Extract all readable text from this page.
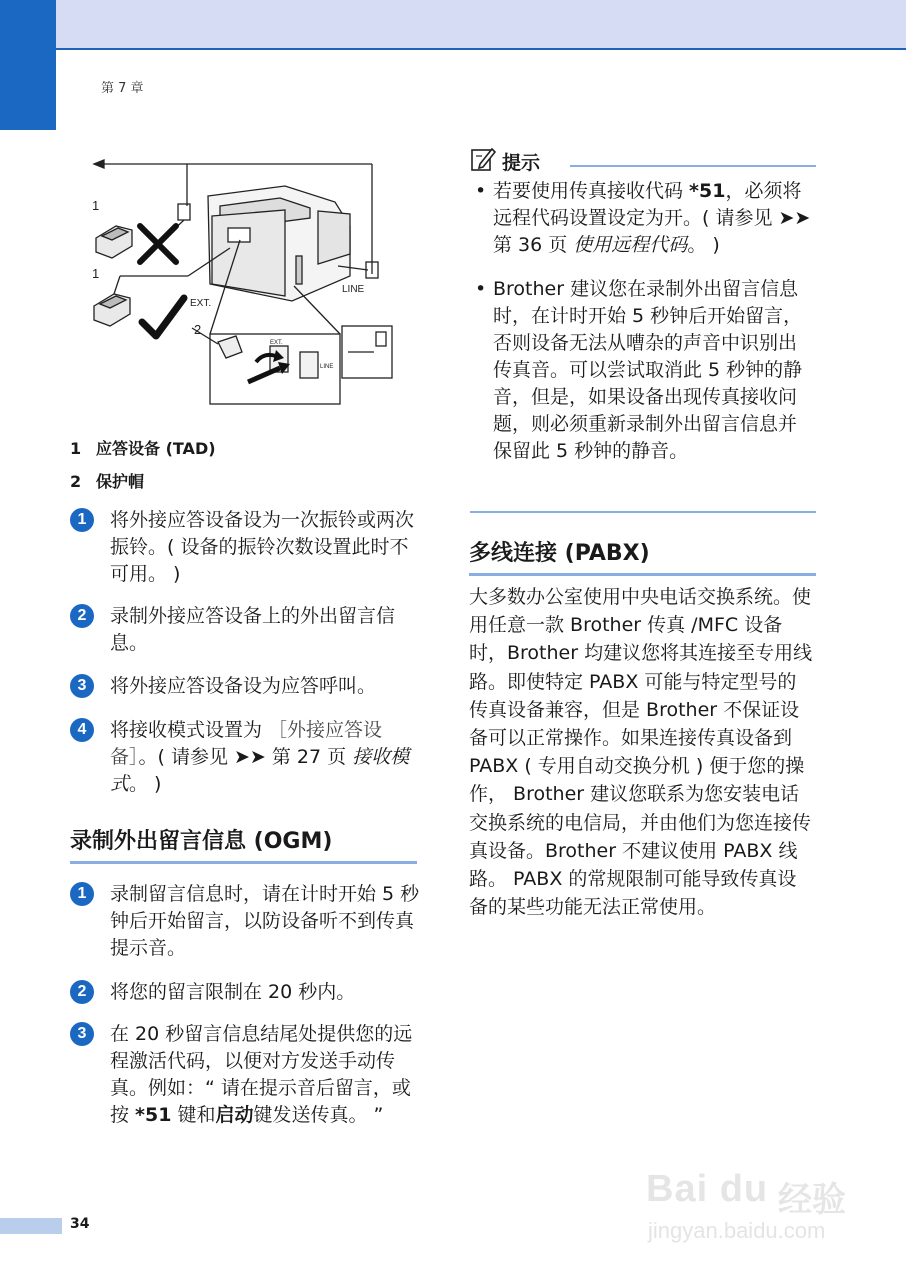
第 7 章
1
1
2
EXT.
LINE
EXT.
LINE
1 应答设备 (TAD)
2 保护帽
1	将外接应答设备设为一次振铃或两次振铃。( 设备的振铃次数设置此时不可用。 )
2	录制外接应答设备上的外出留言信息。
3	将外接应答设备设为应答呼叫。
4	将接收模式设置为 ［外接应答设备］。( 请参见 ➤➤ 第 27 页 接收模式。 )
录制外出留言信息 (OGM)
1	录制留言信息时，请在计时开始 5 秒钟后开始留言，以防设备听不到传真提示音。
2	将您的留言限制在 20 秒内。
3	在 20 秒留言信息结尾处提供您的远程激活代码，以便对方发送手动传真。例如：“ 请在提示音后留言，或按 *51 键和启动键发送传真。 ”
提示
• 若要使用传真接收代码 *51，必须将远程代码设置设定为开。( 请参见 ➤➤ 第 36 页 使用远程代码。 )
• Brother 建议您在录制外出留言信息时，在计时开始 5 秒钟后开始留言，否则设备无法从嘈杂的声音中识别出传真音。可以尝试取消此 5 秒钟的静音，但是，如果设备出现传真接收问题，则必须重新录制外出留言信息并保留此 5 秒钟的静音。
多线连接 (PABX)
大多数办公室使用中央电话交换系统。使用任意一款 Brother 传真 /MFC 设备时，Brother 均建议您将其连接至专用线路。即使特定 PABX 可能与特定型号的传真设备兼容，但是 Brother 不保证设备可以正常操作。如果连接传真设备到 PABX ( 专用自动交换分机 ) 便于您的操作， Brother 建议您联系为您安装电话交换系统的电信局，并由他们为您连接传真设备。Brother 不建议使用 PABX 线路。 PABX 的常规限制可能导致传真设备的某些功能无法正常使用。
34
Bai du 经验
jingyan.baidu.com
